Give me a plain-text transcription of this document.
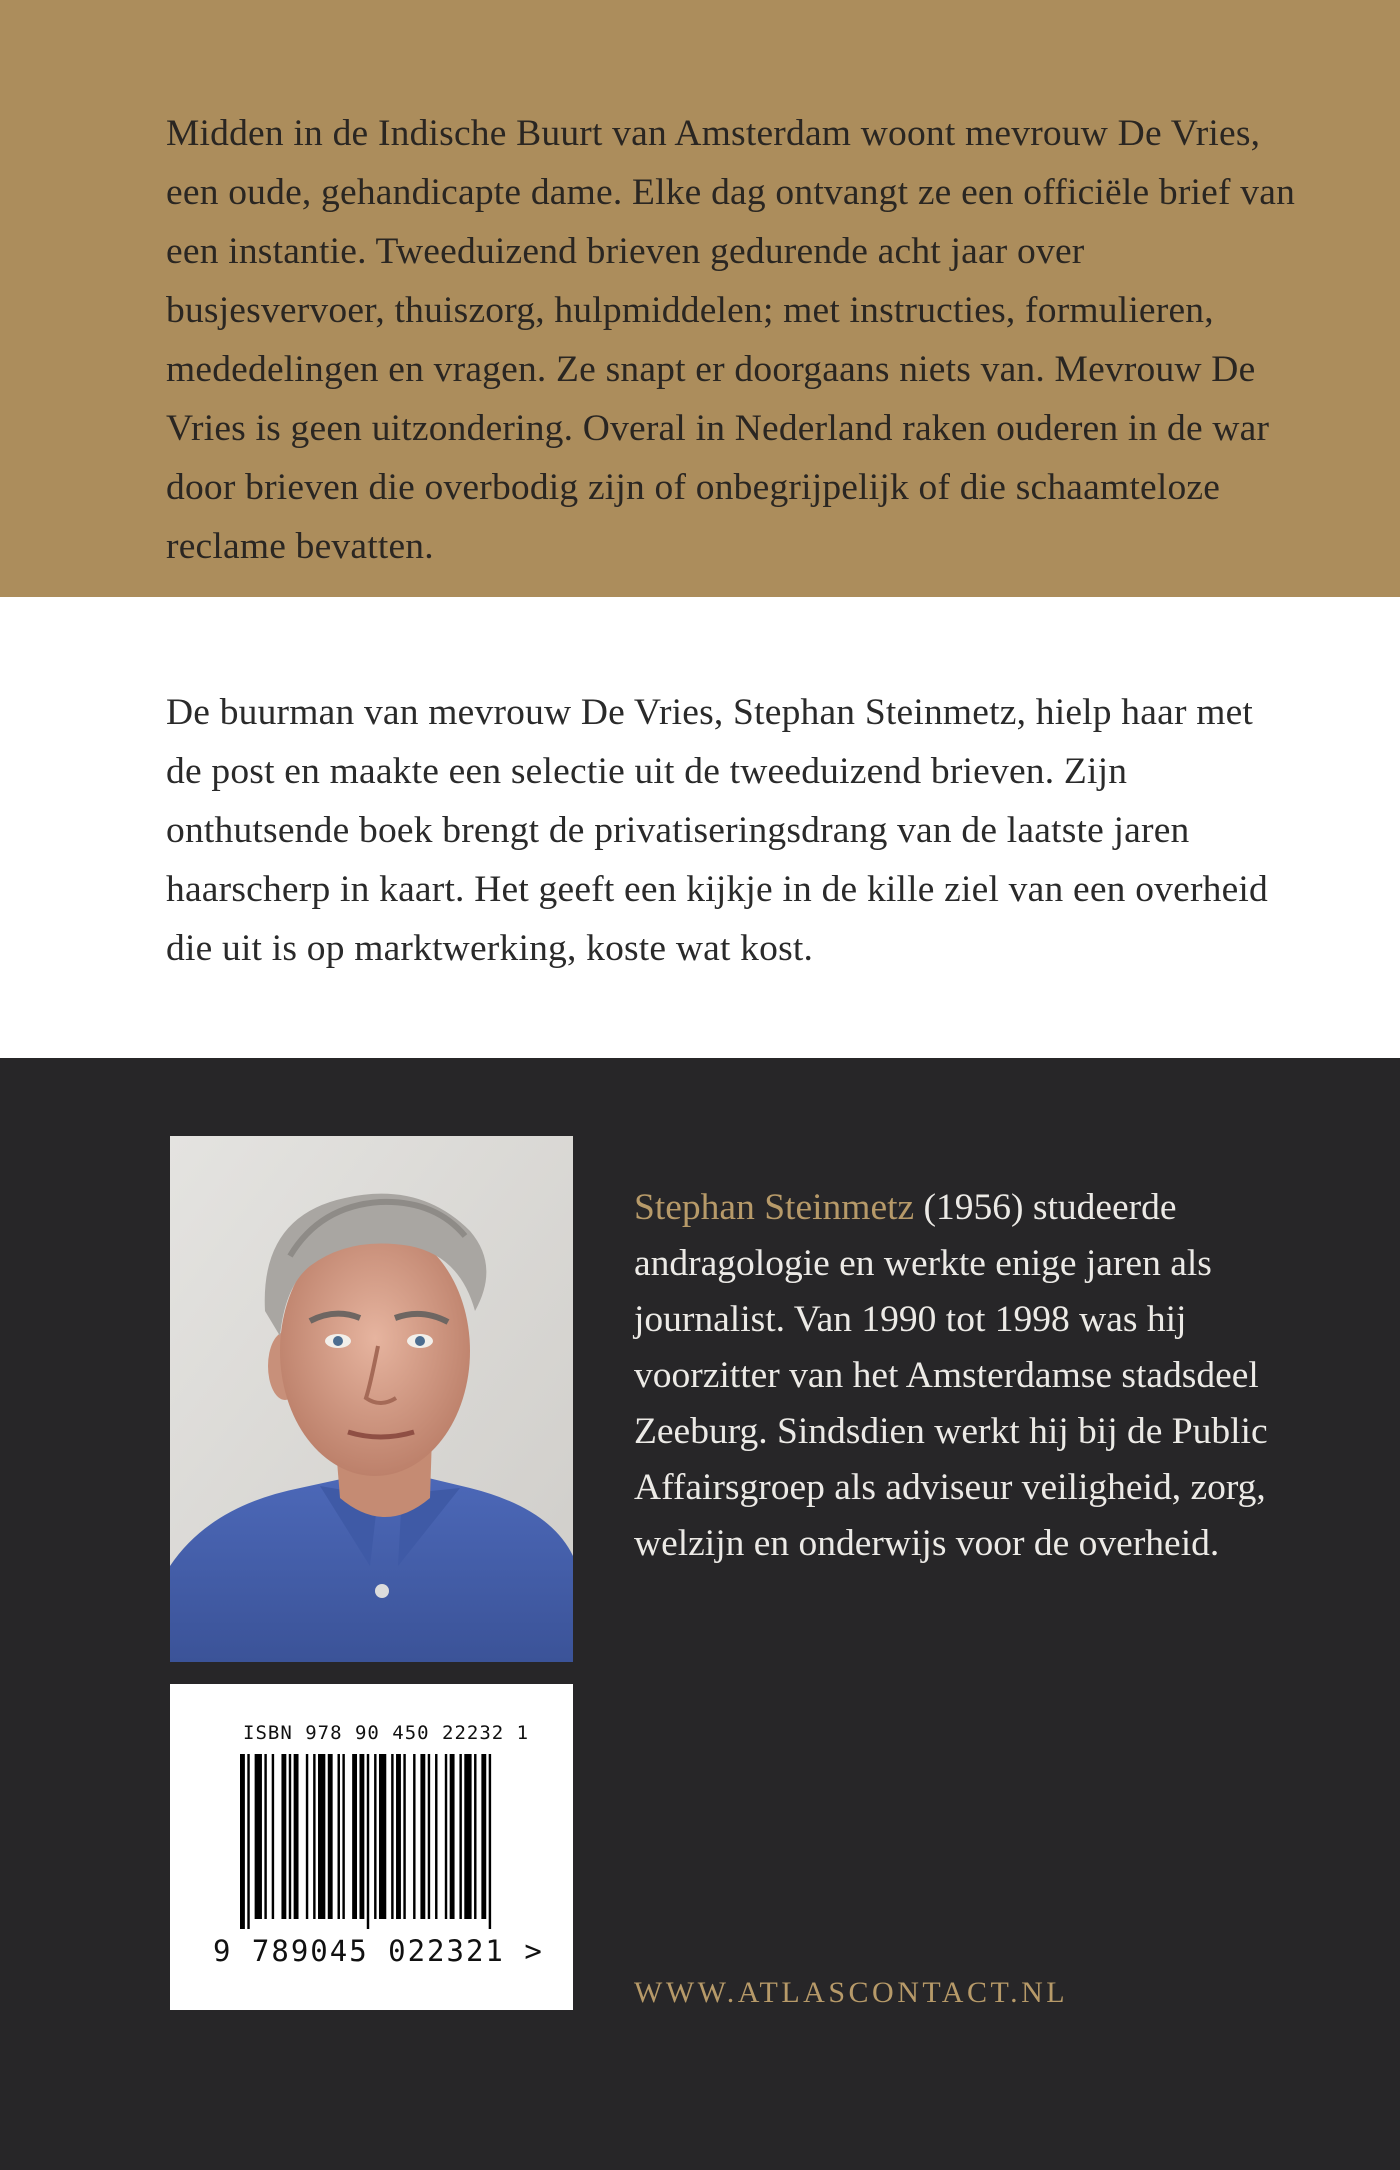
Midden in de Indische Buurt van Amsterdam woont mevrouw De Vries, een oude, gehandicapte dame. Elke dag ontvangt ze een officiële brief van een instantie. Tweeduizend brieven gedurende acht jaar over busjesvervoer, thuiszorg, hulpmiddelen; met instructies, formulieren, mededelingen en vragen. Ze snapt er doorgaans niets van. Mevrouw De Vries is geen uitzondering. Overal in Nederland raken ouderen in de war door brieven die overbodig zijn of onbegrijpelijk of die schaamteloze reclame bevatten.

De buurman van mevrouw De Vries, Stephan Steinmetz, hielp haar met de post en maakte een selectie uit de tweeduizend brieven. Zijn onthutsende boek brengt de privatiseringsdrang van de laatste jaren haarscherp in kaart. Het geeft een kijkje in de kille ziel van een overheid die uit is op marktwerking, koste wat kost.

ISBN 978 90 450 22232 1
9 789045 022321 >
Stephan Steinmetz (1956) studeerde andragologie en werkte enige jaren als journalist. Van 1990 tot 1998 was hij voorzitter van het Amsterdamse stadsdeel Zeeburg. Sindsdien werkt hij bij de Public Affairsgroep als adviseur veiligheid, zorg, welzijn en onderwijs voor de overheid.
WWW.ATLASCONTACT.NL
